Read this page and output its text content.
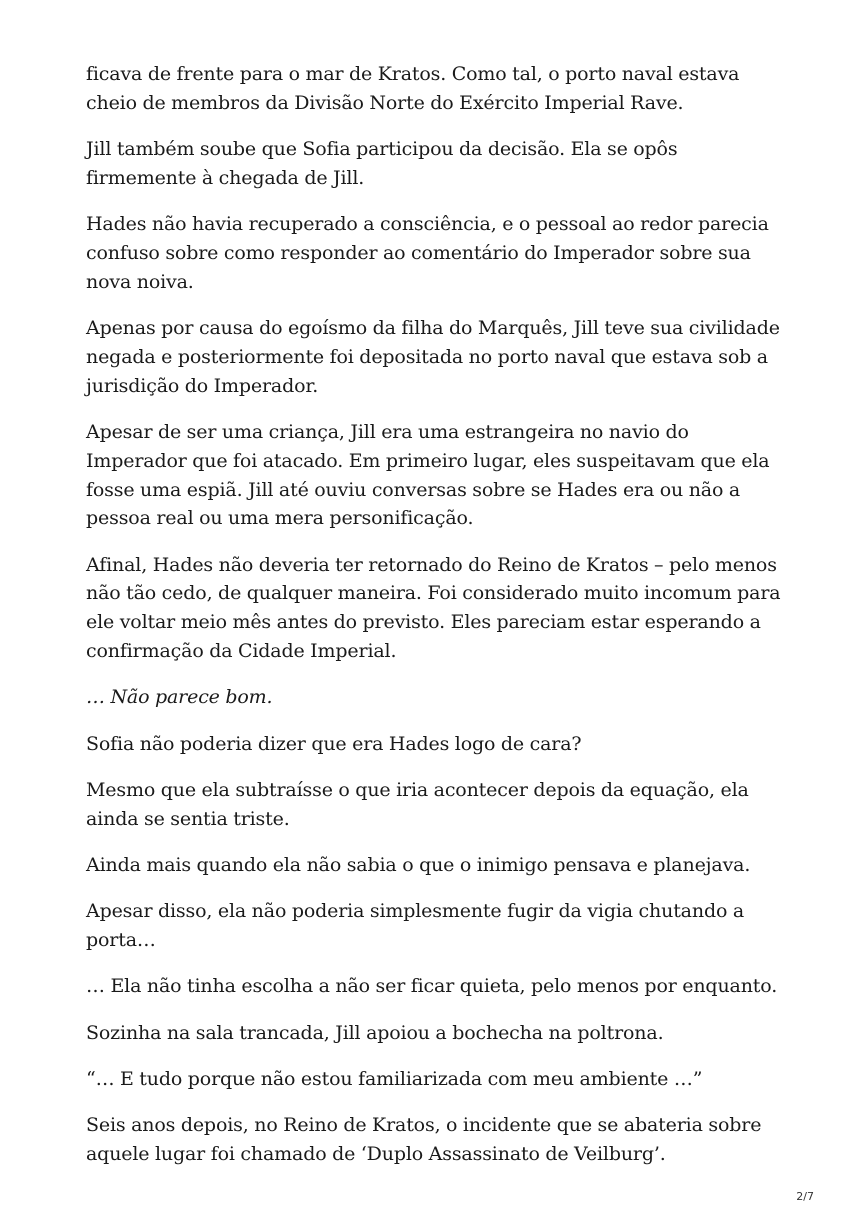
ficava de frente para o mar de Kratos. Como tal, o porto naval estava cheio de membros da Divisão Norte do Exército Imperial Rave.

Jill também soube que Sofia participou da decisão. Ela se opôs firmemente à chegada de Jill.

Hades não havia recuperado a consciência, e o pessoal ao redor parecia confuso sobre como responder ao comentário do Imperador sobre sua nova noiva.

Apenas por causa do egoísmo da filha do Marquês, Jill teve sua civilidade negada e posteriormente foi depositada no porto naval que estava sob a jurisdição do Imperador.

Apesar de ser uma criança, Jill era uma estrangeira no navio do Imperador que foi atacado. Em primeiro lugar, eles suspeitavam que ela fosse uma espiã. Jill até ouviu conversas sobre se Hades era ou não a pessoa real ou uma mera personificação.

Afinal, Hades não deveria ter retornado do Reino de Kratos – pelo menos não tão cedo, de qualquer maneira. Foi considerado muito incomum para ele voltar meio mês antes do previsto. Eles pareciam estar esperando a confirmação da Cidade Imperial.

… Não parece bom.

Sofia não poderia dizer que era Hades logo de cara?

Mesmo que ela subtraísse o que iria acontecer depois da equação, ela ainda se sentia triste.

Ainda mais quando ela não sabia o que o inimigo pensava e planejava.

Apesar disso, ela não poderia simplesmente fugir da vigia chutando a porta…

… Ela não tinha escolha a não ser ficar quieta, pelo menos por enquanto.

Sozinha na sala trancada, Jill apoiou a bochecha na poltrona.

“… E tudo porque não estou familiarizada com meu ambiente …”

Seis anos depois, no Reino de Kratos, o incidente que se abateria sobre aquele lugar foi chamado de ‘Duplo Assassinato de Veilburg’.

2/7
